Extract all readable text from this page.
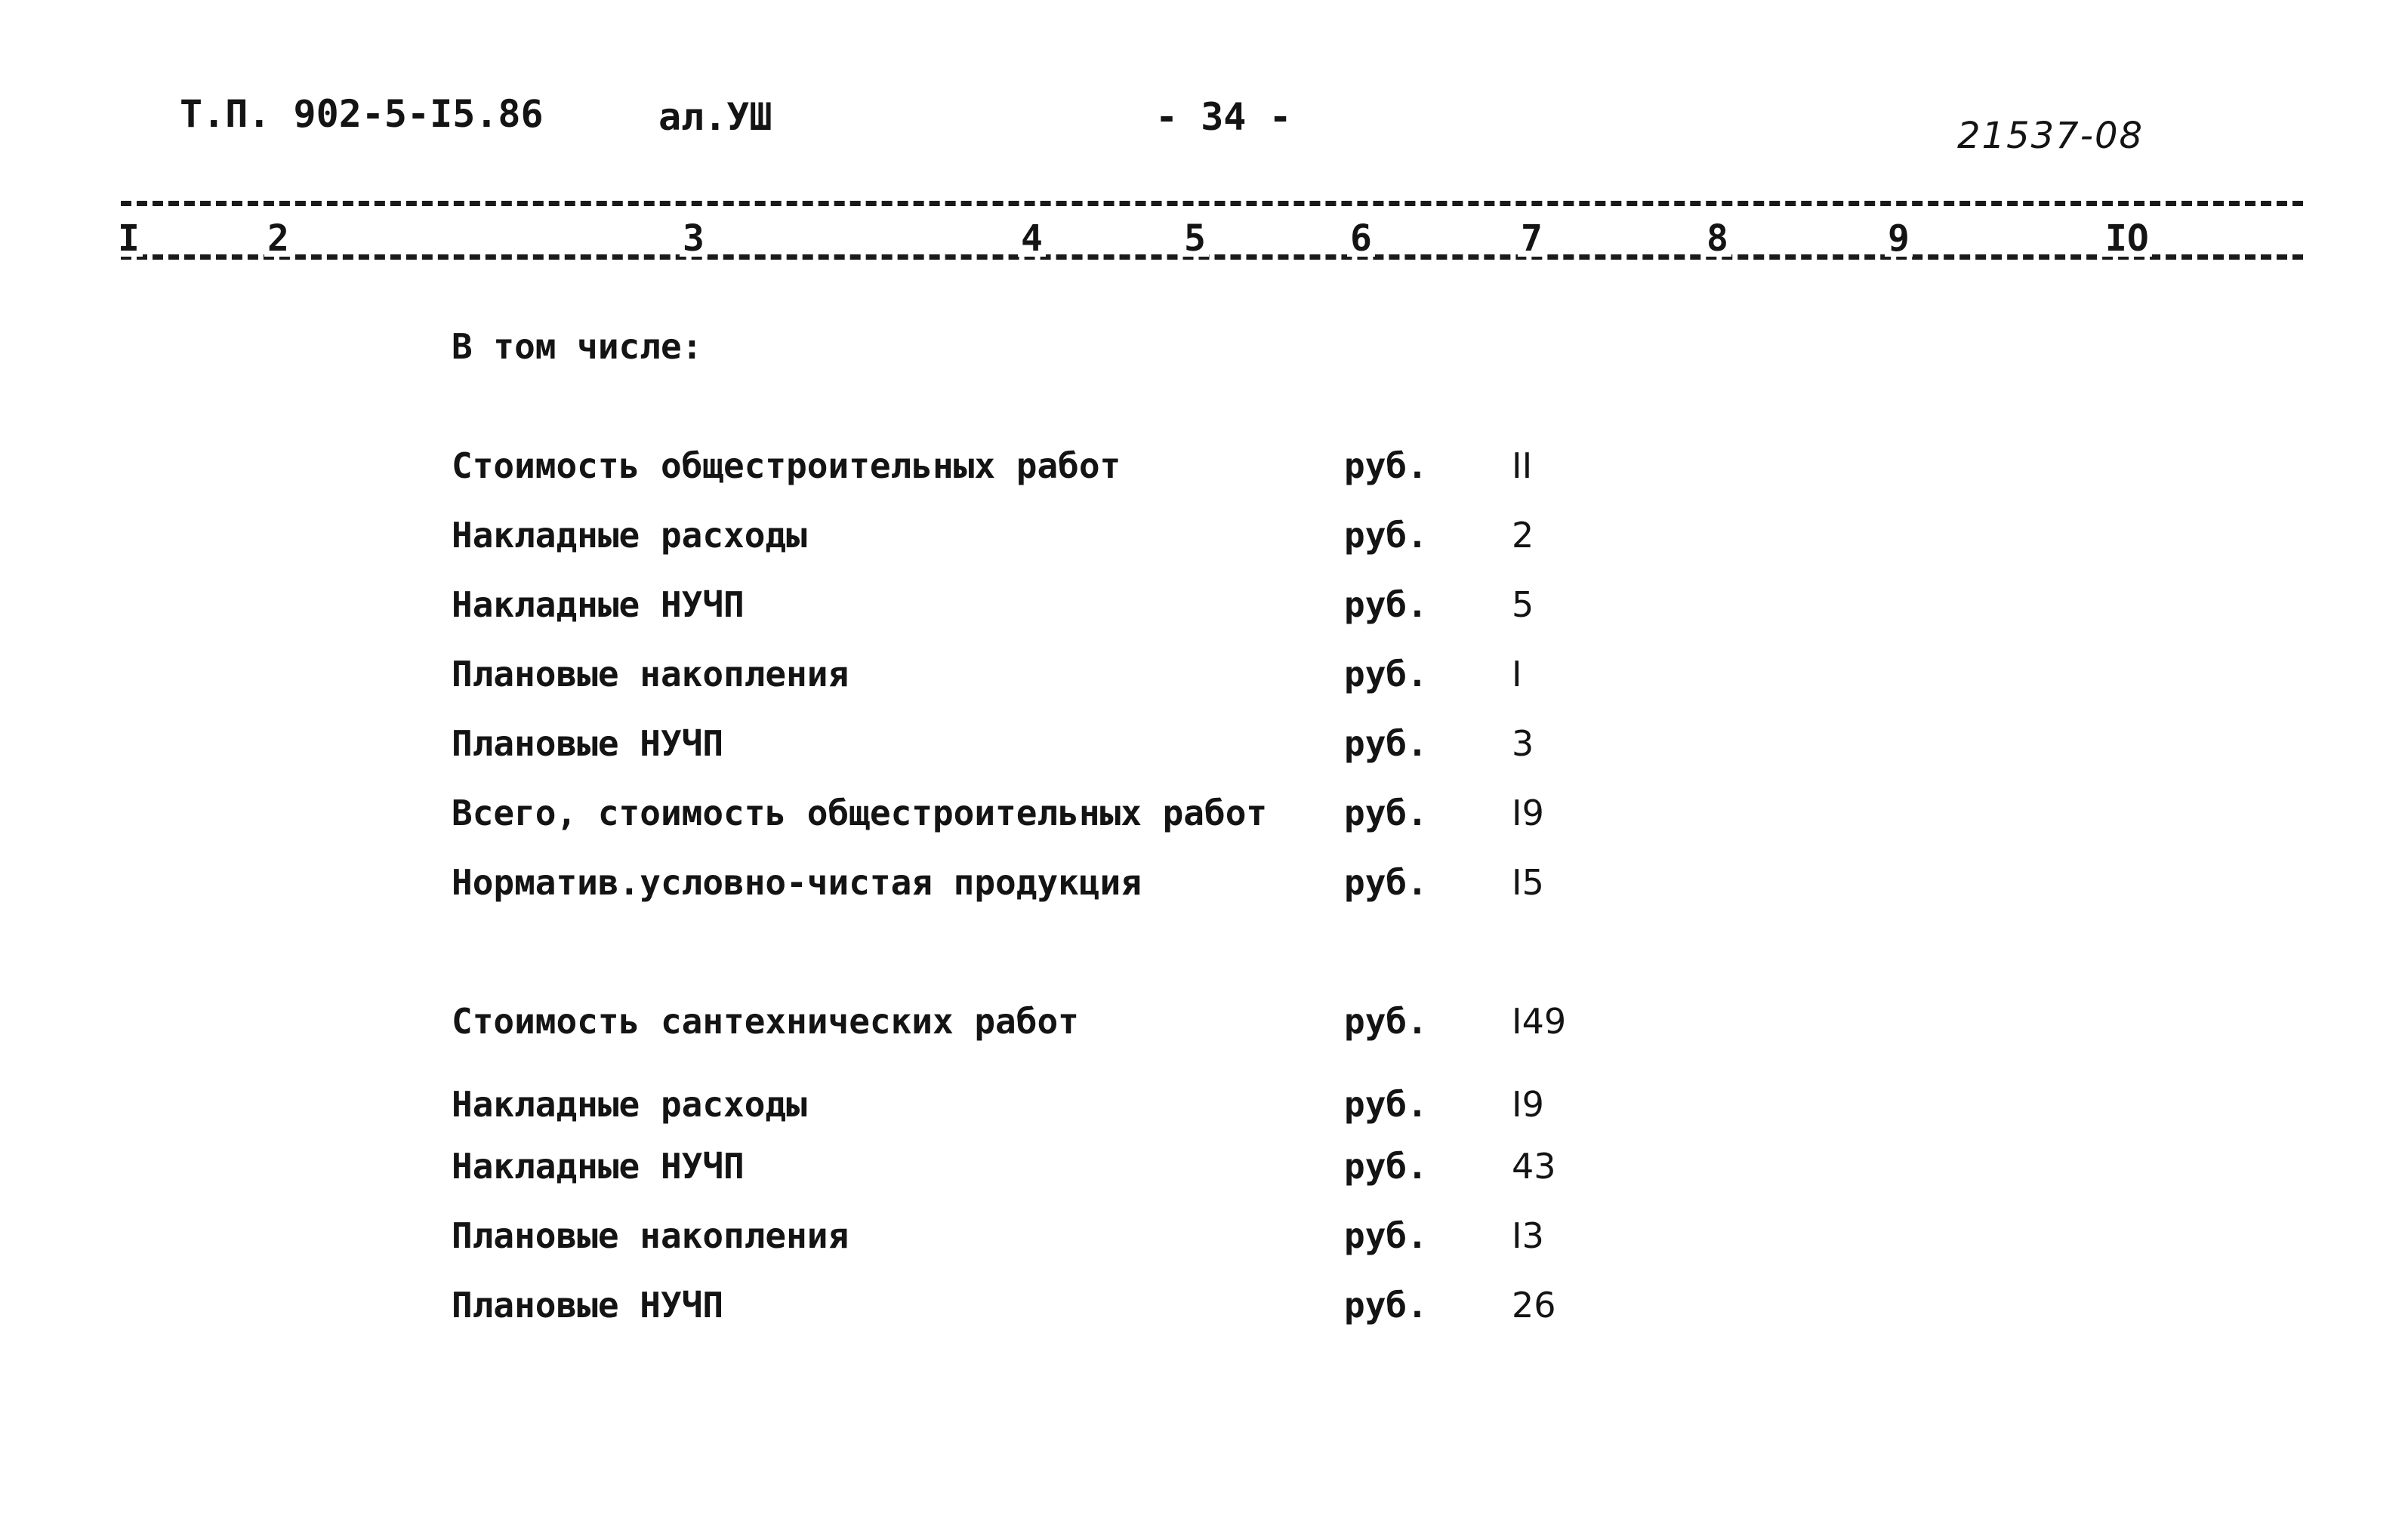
Т.П. 902-5-I5.86	ал.УШ	- 34 -	21537-08
I	2	3	4	5	6	7	8	9	IO
В том числе:
Стоимость общестроительных работ	руб. II
Накладные расходы	руб. 2
Накладные НУЧП	руб. 5
Плановые накопления	руб. I
Плановые НУЧП	руб. 3
Всего, стоимость общестроительных работ руб. I9
Норматив.условно-чистая продукция	руб. I5
Стоимость сантехнических работ	руб. I49
Накладные расходы	руб. I9
Накладные НУЧП	руб. 43
Плановые накопления	руб. I3
Плановые НУЧП	руб. 26
